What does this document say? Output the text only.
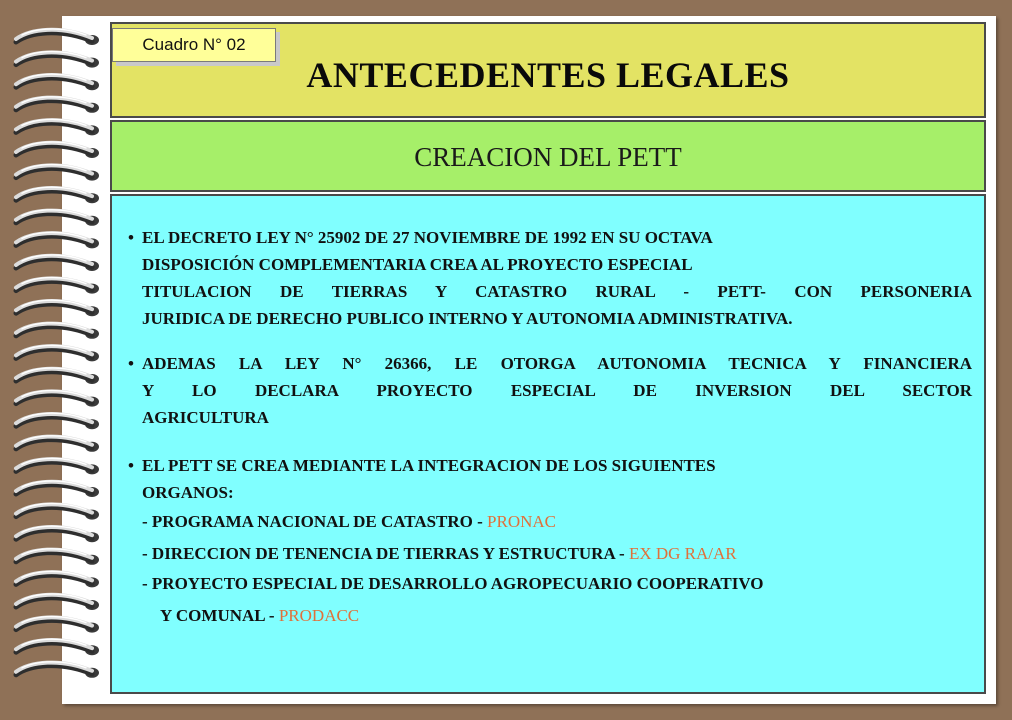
ANTECEDENTES LEGALES
Cuadro N° 02
CREACION DEL PETT
• EL DECRETO LEY N° 25902 DE 27 NOVIEMBRE DE 1992 EN SU OCTAVA
DISPOSICIÓN COMPLEMENTARIA CREA AL PROYECTO ESPECIAL
TITULACION DE TIERRAS Y CATASTRO RURAL - PETT- CON PERSONERIA
JURIDICA DE DERECHO PUBLICO INTERNO Y AUTONOMIA ADMINISTRATIVA.
• ADEMAS LA LEY N° 26366, LE OTORGA AUTONOMIA TECNICA Y FINANCIERA
Y LO DECLARA PROYECTO ESPECIAL DE INVERSION DEL SECTOR
AGRICULTURA
• EL PETT SE CREA MEDIANTE LA INTEGRACION DE LOS SIGUIENTES
ORGANOS:
- PROGRAMA NACIONAL DE CATASTRO - PRONAC
- DIRECCION DE TENENCIA DE TIERRAS Y ESTRUCTURA - EX DG RA/AR
- PROYECTO ESPECIAL DE DESARROLLO AGROPECUARIO COOPERATIVO
Y COMUNAL - PRODACC
